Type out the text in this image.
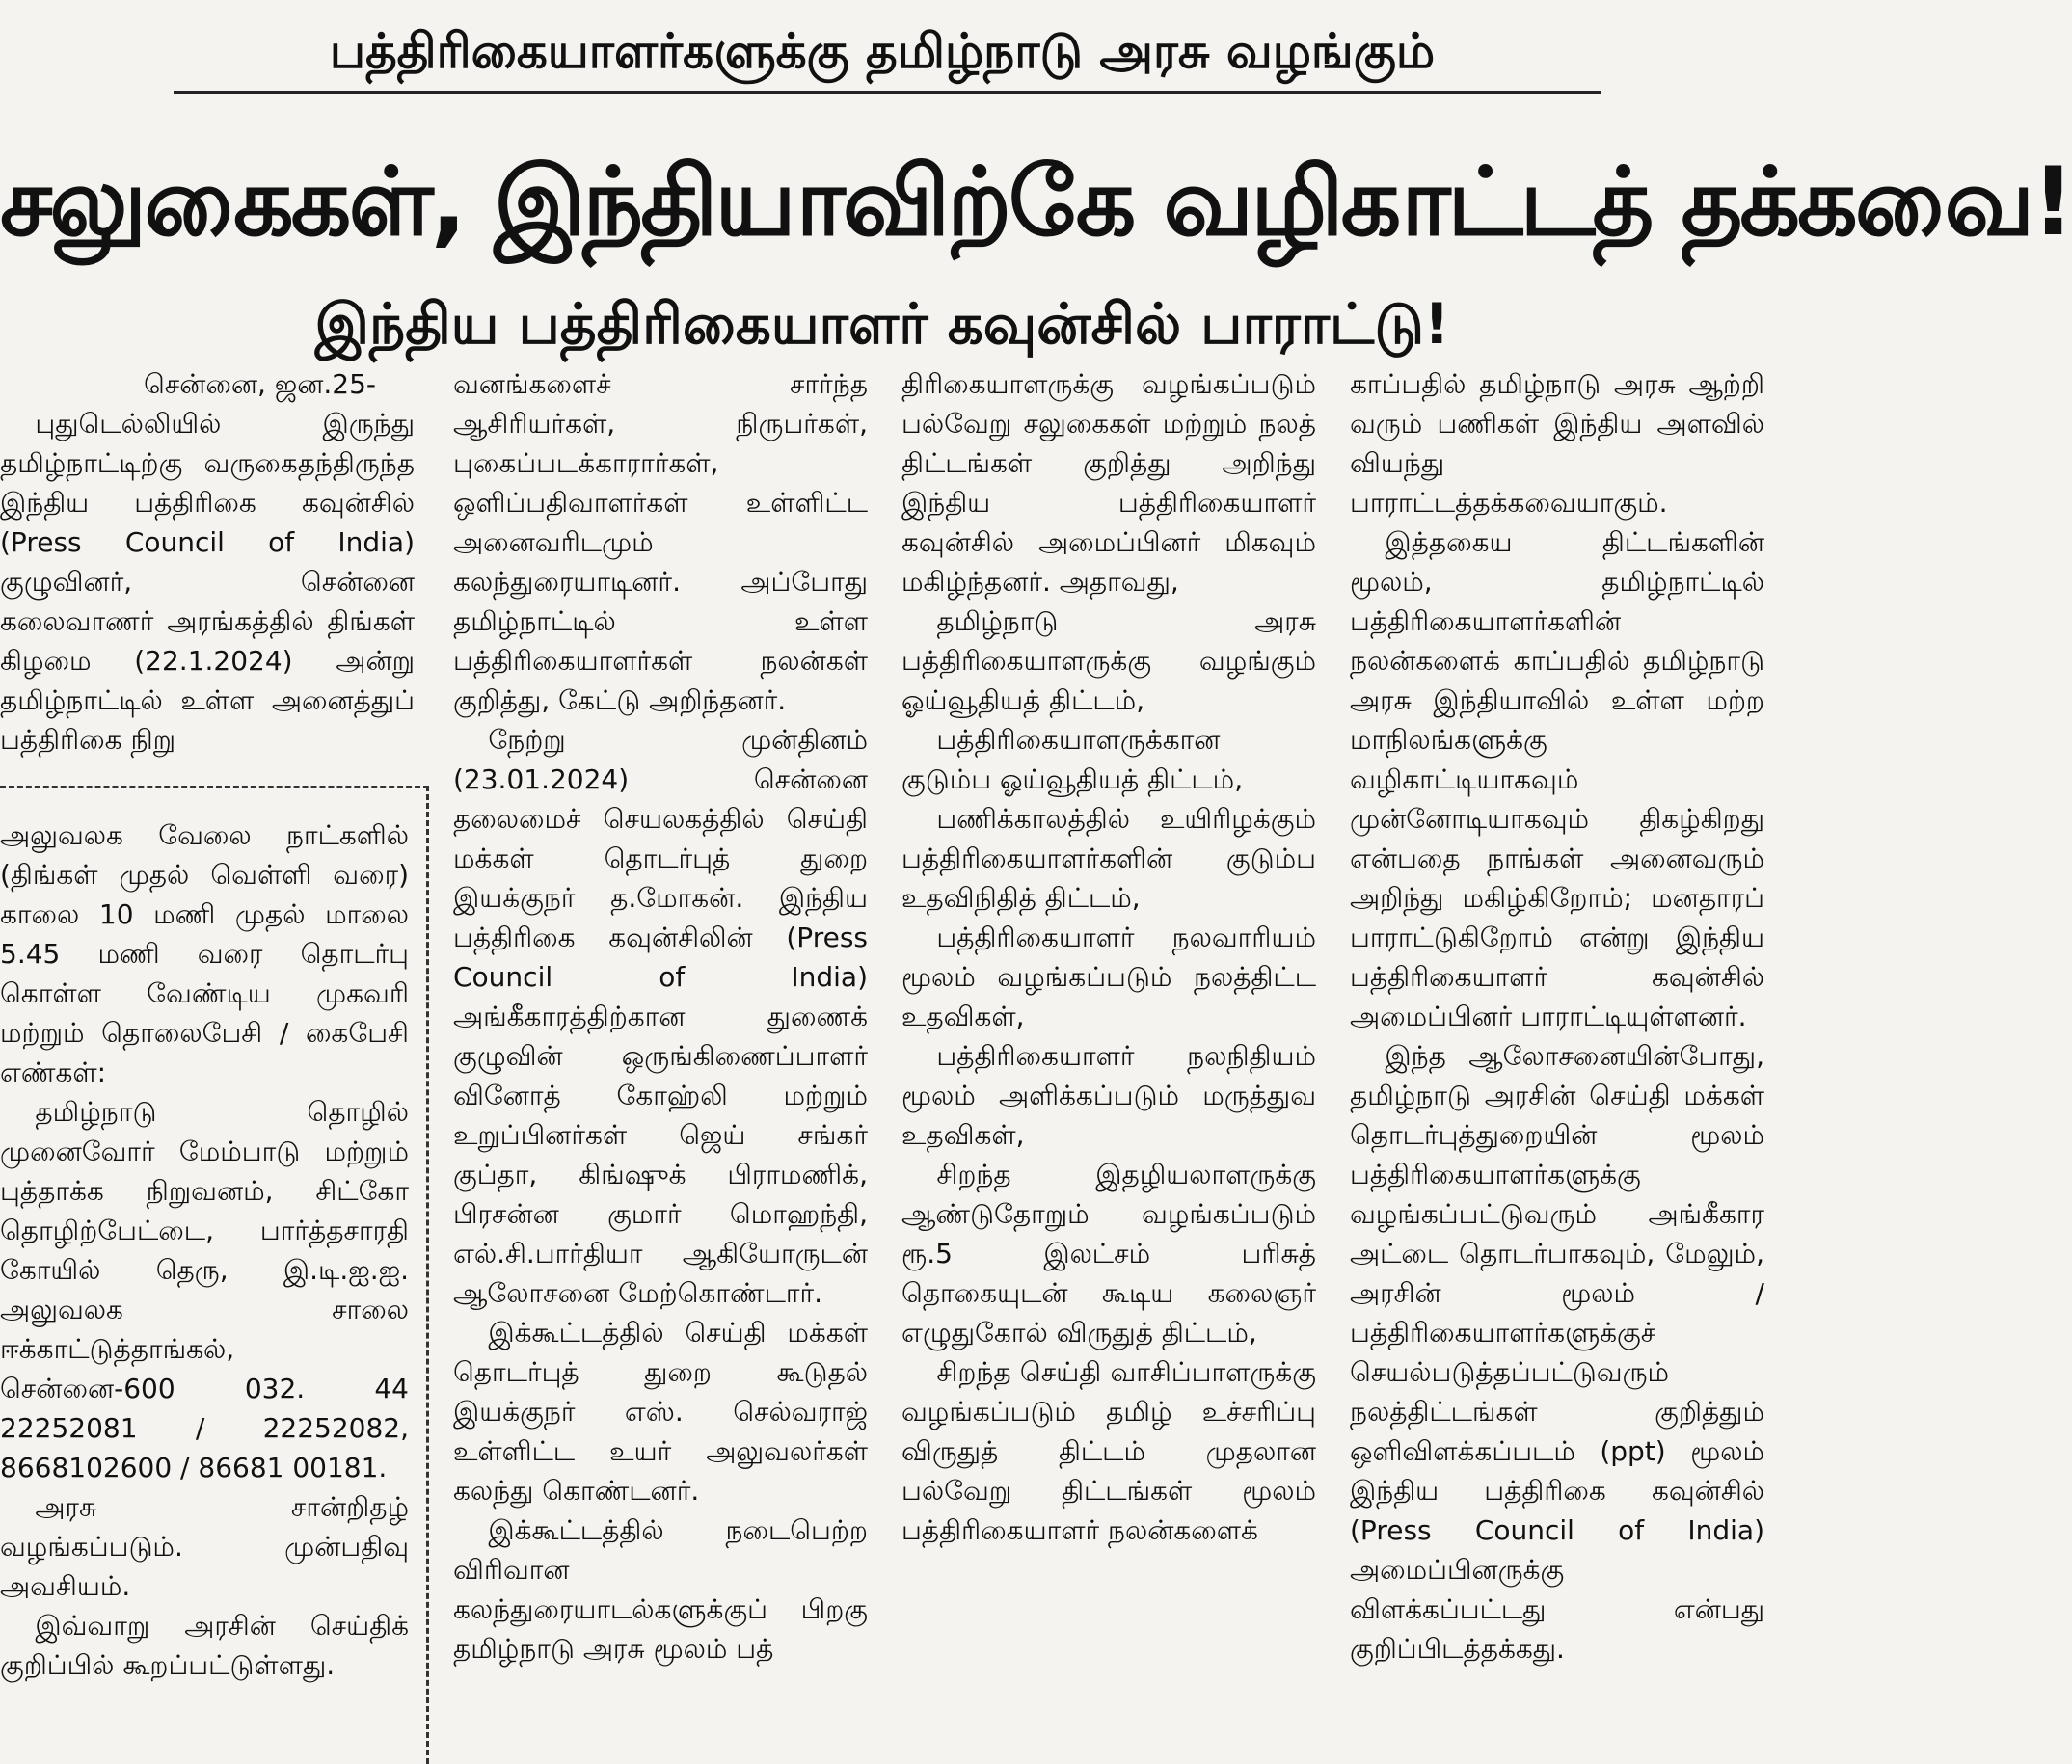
பத்திரிகையாளர்களுக்கு தமிழ்நாடு அரசு வழங்கும்
சலுகைகள், இந்தியாவிற்கே வழிகாட்டத் தக்கவை!
இந்திய பத்திரிகையாளர் கவுன்சில் பாராட்டு!

சென்னை, ஜன.25-

புதுடெல்லியில் இருந்து தமிழ்நாட்டிற்கு வருகைதந்திருந்த இந்திய பத்திரிகை கவுன்சில் (Press Council of India) குழுவினர், சென்னை கலைவாணர் அரங்கத்தில் திங்கள் கிழமை (22.1.2024) அன்று தமிழ்நாட்டில் உள்ள அனைத்துப் பத்திரிகை நிறு

அலுவலக வேலை நாட்களில் (திங்கள் முதல் வெள்ளி வரை) காலை 10 மணி முதல் மாலை 5.45 மணி வரை தொடர்பு கொள்ள வேண்டிய முகவரி மற்றும் தொலைபேசி / கைபேசி எண்கள்:

தமிழ்நாடு தொழில் முனைவோர் மேம்பாடு மற்றும் புத்தாக்க நிறுவனம், சிட்கோ தொழிற்பேட்டை, பார்த்தசாரதி கோயில் தெரு, இ.டி.ஐ.ஐ. அலுவலக சாலை ஈக்காட்டுத்தாங்கல், சென்னை-600 032. 44 22252081 / 22252082, 8668102600 / 86681 00181.

அரசு சான்றிதழ் வழங்கப்படும். முன்பதிவு அவசியம்.

இவ்வாறு அரசின் செய்திக் குறிப்பில் கூறப்பட்டுள்ளது.

வனங்களைச் சார்ந்த ஆசிரியர்கள், நிருபர்கள், புகைப்படக்காரார்கள், ஒளிப்பதிவாளர்கள் உள்ளிட்ட அனைவரிடமும் கலந்துரையாடினர். அப்போது தமிழ்நாட்டில் உள்ள பத்திரிகையாளர்கள் நலன்கள் குறித்து, கேட்டு அறிந்தனர்.

நேற்று முன்தினம் (23.01.2024) சென்னை தலைமைச் செயலகத்தில் செய்தி மக்கள் தொடர்புத் துறை இயக்குநர் த.மோகன். இந்திய பத்திரிகை கவுன்சிலின் (Press Council of India) அங்கீகாரத்திற்கான துணைக் குழுவின் ஒருங்கிணைப்பாளர் வினோத் கோஹ்லி மற்றும் உறுப்பினர்கள் ஜெய் சங்கர் குப்தா, கிங்ஷுக் பிராமணிக், பிரசன்ன குமார் மொஹந்தி, எல்.சி.பார்தியா ஆகியோருடன் ஆலோசனை மேற்கொண்டார்.

இக்கூட்டத்தில் செய்தி மக்கள் தொடர்புத் துறை கூடுதல் இயக்குநர் எஸ். செல்வராஜ் உள்ளிட்ட உயர் அலுவலர்கள் கலந்து கொண்டனர்.

இக்கூட்டத்தில் நடைபெற்ற விரிவான கலந்துரையாடல்களுக்குப் பிறகு தமிழ்நாடு அரசு மூலம் பத்

திரிகையாளருக்கு வழங்கப்படும் பல்வேறு சலுகைகள் மற்றும் நலத் திட்டங்கள் குறித்து அறிந்து இந்திய பத்திரிகையாளர் கவுன்சில் அமைப்பினர் மிகவும் மகிழ்ந்தனர். அதாவது,

தமிழ்நாடு அரசு பத்திரிகையாளருக்கு வழங்கும் ஓய்வூதியத் திட்டம்,

பத்திரிகையாளருக்கான குடும்ப ஓய்வூதியத் திட்டம்,

பணிக்காலத்தில் உயிரிழக்கும் பத்திரிகையாளர்களின் குடும்ப உதவிநிதித் திட்டம்,

பத்திரிகையாளர் நலவாரியம் மூலம் வழங்கப்படும் நலத்திட்ட உதவிகள்,

பத்திரிகையாளர் நலநிதியம் மூலம் அளிக்கப்படும் மருத்துவ உதவிகள்,

சிறந்த இதழியலாளருக்கு ஆண்டுதோறும் வழங்கப்படும் ரூ.5 இலட்சம் பரிசுத் தொகையுடன் கூடிய கலைஞர் எழுதுகோல் விருதுத் திட்டம்,

சிறந்த செய்தி வாசிப்பாளருக்கு வழங்கப்படும் தமிழ் உச்சரிப்பு விருதுத் திட்டம் முதலான பல்வேறு திட்டங்கள் மூலம் பத்திரிகையாளர் நலன்களைக்

காப்பதில் தமிழ்நாடு அரசு ஆற்றி வரும் பணிகள் இந்திய அளவில் வியந்து பாராட்டத்தக்கவையாகும்.

இத்தகைய திட்டங்களின் மூலம், தமிழ்நாட்டில் பத்திரிகையாளர்களின் நலன்களைக் காப்பதில் தமிழ்நாடு அரசு இந்தியாவில் உள்ள மற்ற மாநிலங்களுக்கு வழிகாட்டியாகவும் முன்னோடியாகவும் திகழ்கிறது என்பதை நாங்கள் அனைவரும் அறிந்து மகிழ்கிறோம்; மனதாரப் பாராட்டுகிறோம் என்று இந்திய பத்திரிகையாளர் கவுன்சில் அமைப்பினர் பாராட்டியுள்ளனர்.

இந்த ஆலோசனையின்போது, தமிழ்நாடு அரசின் செய்தி மக்கள் தொடர்புத்துறையின் மூலம் பத்திரிகையாளர்களுக்கு வழங்கப்பட்டுவரும் அங்கீகார அட்டை தொடர்பாகவும், மேலும், அரசின் மூலம் / பத்திரிகையாளர்களுக்குச் செயல்படுத்தப்பட்டுவரும் நலத்திட்டங்கள் குறித்தும் ஒளிவிளக்கப்படம் (ppt) மூலம் இந்திய பத்திரிகை கவுன்சில் (Press Council of India) அமைப்பினருக்கு விளக்கப்பட்டது என்பது குறிப்பிடத்தக்கது.
